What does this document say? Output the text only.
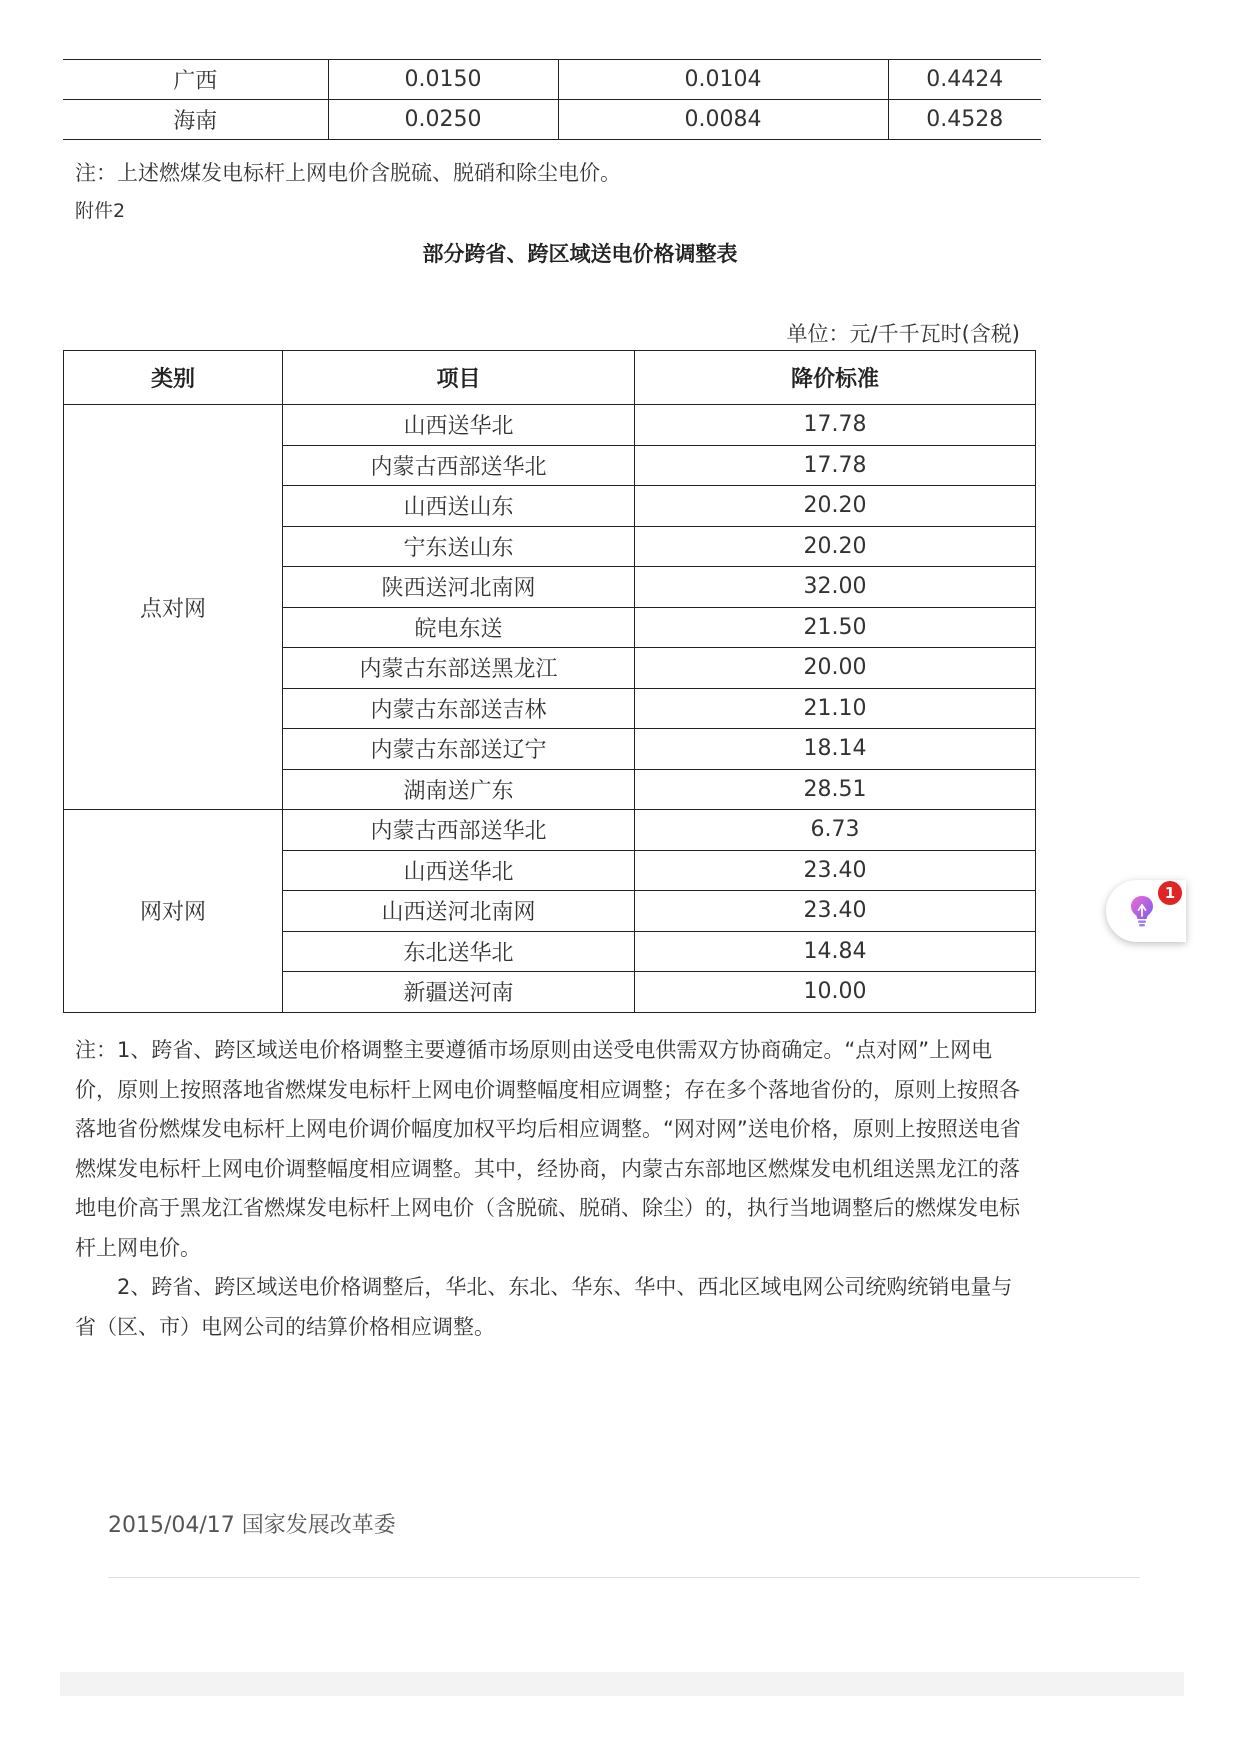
广西	0.0150	0.0104	0.4424
海南	0.0250	0.0084	0.4528
注：上述燃煤发电标杆上网电价含脱硫、脱硝和除尘电价。
附件2
部分跨省、跨区域送电价格调整表
单位：元/千千瓦时(含税)
类别	项目	降价标准
点对网	山西送华北	17.78
	内蒙古西部送华北	17.78
	山西送山东	20.20
	宁东送山东	20.20
	陕西送河北南网	32.00
	皖电东送	21.50
	内蒙古东部送黑龙江	20.00
	内蒙古东部送吉林	21.10
	内蒙古东部送辽宁	18.14
	湖南送广东	28.51
网对网	内蒙古西部送华北	6.73
	山西送华北	23.40
	山西送河北南网	23.40
	东北送华北	14.84
	新疆送河南	10.00

注：1、跨省、跨区域送电价格调整主要遵循市场原则由送受电供需双方协商确定。“点对网”上网电价，原则上按照落地省燃煤发电标杆上网电价调整幅度相应调整；存在多个落地省份的，原则上按照各落地省份燃煤发电标杆上网电价调价幅度加权平均后相应调整。“网对网”送电价格，原则上按照送电省燃煤发电标杆上网电价调整幅度相应调整。其中，经协商，内蒙古东部地区燃煤发电机组送黑龙江的落地电价高于黑龙江省燃煤发电标杆上网电价（含脱硫、脱硝、除尘）的，执行当地调整后的燃煤发电标杆上网电价。

2、跨省、跨区域送电价格调整后，华北、东北、华东、华中、西北区域电网公司统购统销电量与省（区、市）电网公司的结算价格相应调整。

2015/04/17 国家发展改革委
1
